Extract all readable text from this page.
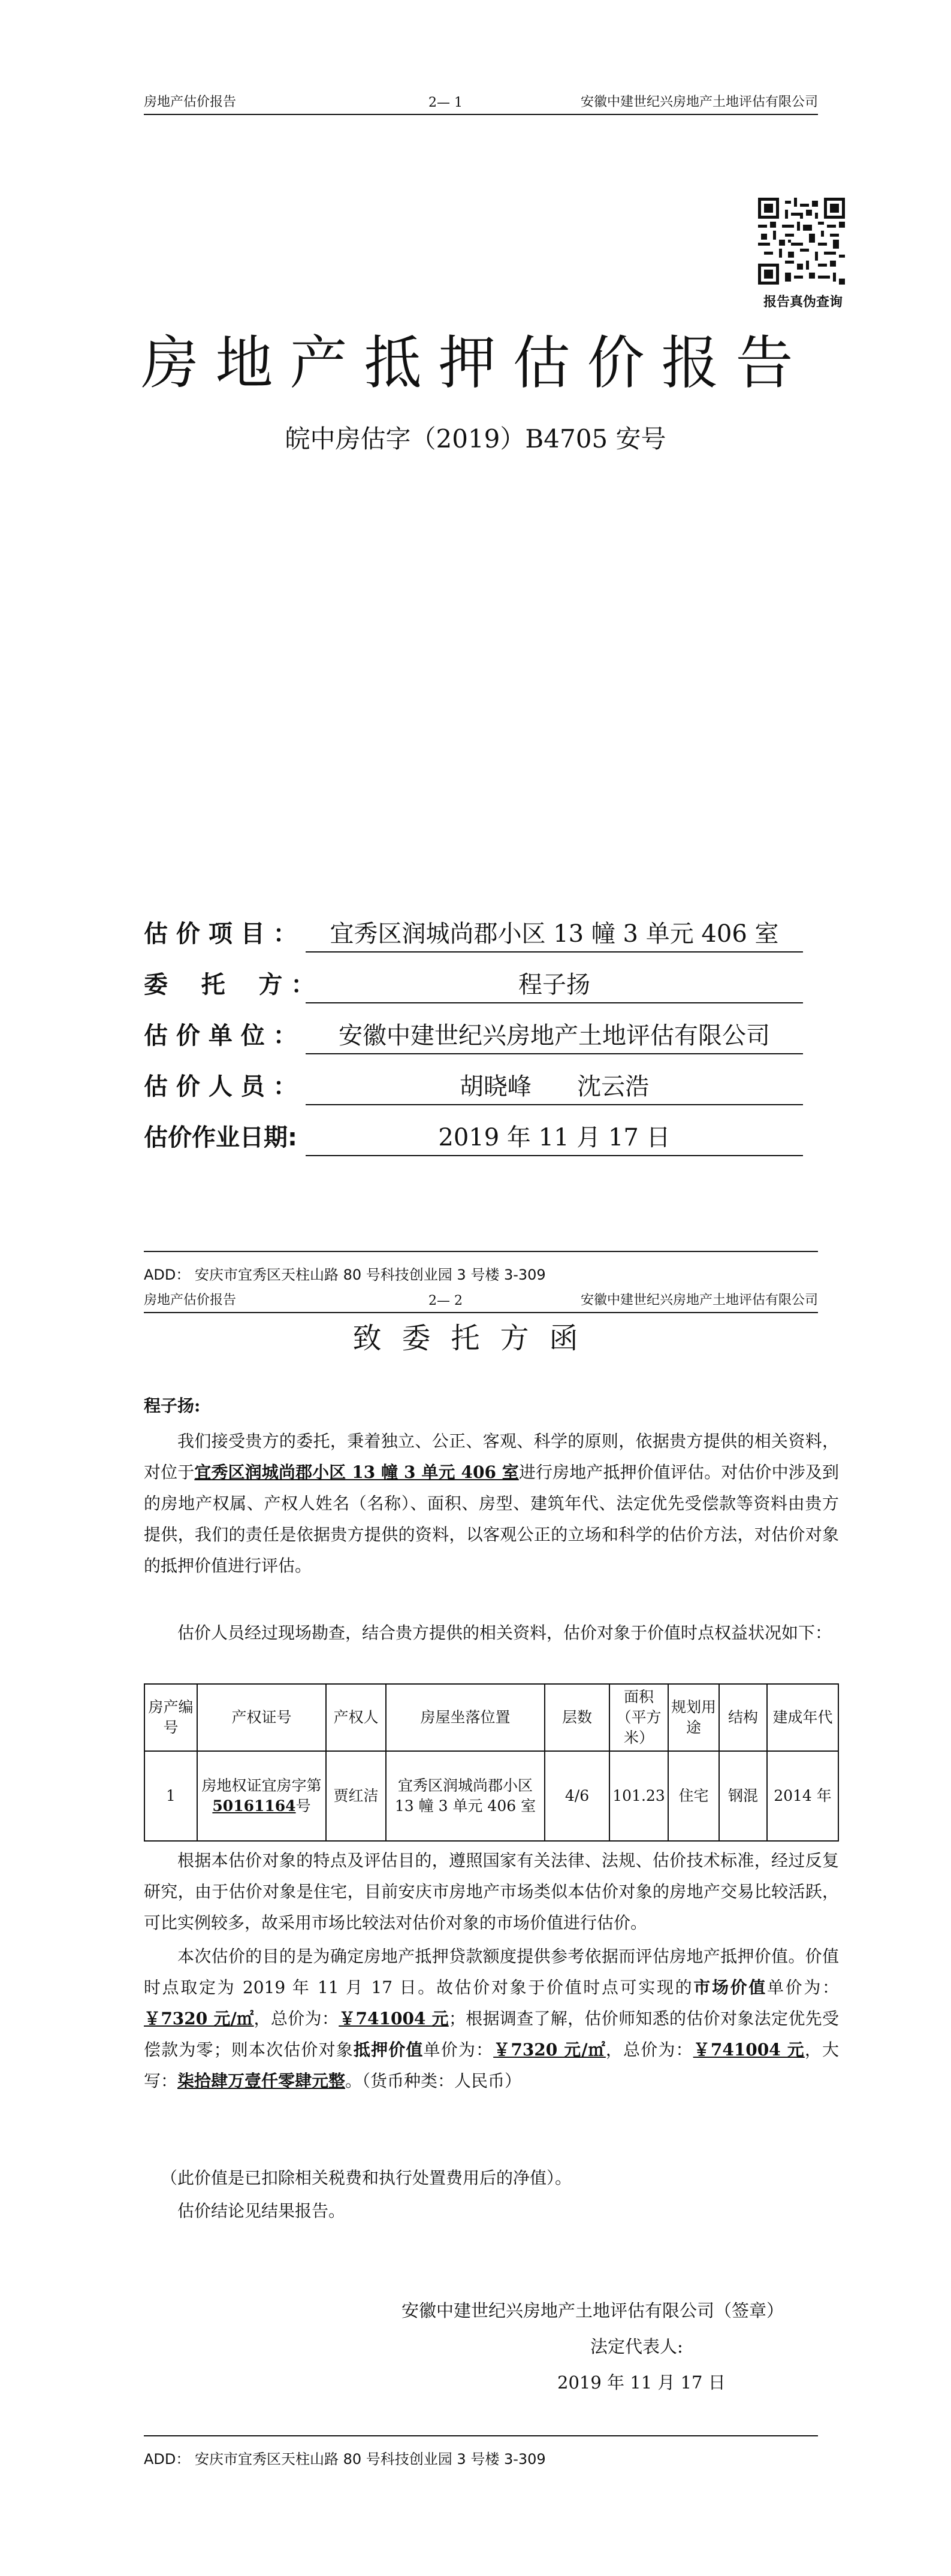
房地产估价报告	2— 1	安徽中建世纪兴房地产土地评估有限公司
报告真伪查询
房地产抵押估价报告
皖中房估字（2019）B4705 安号
估 价 项 目 ：	宜秀区润城尚郡小区 13 幢 3 单元 406 室
委    托    方 ：	程子扬
估 价 单 位 ：	安徽中建世纪兴房地产土地评估有限公司
估 价 人 员 ：	胡晓峰      沈云浩
估价作业日期:	2019 年 11 月 17 日
ADD： 安庆市宜秀区天柱山路 80 号科技创业园 3 号楼 3-309
房地产估价报告	2— 2	安徽中建世纪兴房地产土地评估有限公司
致委托方函
程子扬:
我们接受贵方的委托，秉着独立、公正、客观、科学的原则，依据贵方提供的相关资料，对位于宜秀区润城尚郡小区 13 幢 3 单元 406 室进行房地产抵押价值评估。对估价中涉及到的房地产权属、产权人姓名（名称）、面积、房型、建筑年代、法定优先受偿款等资料由贵方提供，我们的责任是依据贵方提供的资料，以客观公正的立场和科学的估价方法，对估价对象的抵押价值进行评估。
估价人员经过现场勘查，结合贵方提供的相关资料，估价对象于价值时点权益状况如下：
房产编号	产权证号	产权人	房屋坐落位置	层数	面积（平方米）	规划用途	结构	建成年代
1	房地权证宜房字第50161164号	贾红洁	宜秀区润城尚郡小区 13 幢 3 单元 406 室	4/6	101.23	住宅	钢混	2014 年
根据本估价对象的特点及评估目的，遵照国家有关法律、法规、估价技术标准，经过反复研究，由于估价对象是住宅，目前安庆市房地产市场类似本估价对象的房地产交易比较活跃，可比实例较多，故采用市场比较法对估价对象的市场价值进行估价。
本次估价的目的是为确定房地产抵押贷款额度提供参考依据而评估房地产抵押价值。价值时点取定为 2019 年 11 月 17 日。故估价对象于价值时点可实现的市场价值单价为：￥7320 元/㎡，总价为：￥741004 元；根据调查了解，估价师知悉的估价对象法定优先受偿款为零；则本次估价对象抵押价值单价为：￥7320 元/㎡，总价为：￥741004 元，大写：柒拾肆万壹仟零肆元整。（货币种类：人民币）
（此价值是已扣除相关税费和执行处置费用后的净值）。
估价结论见结果报告。
安徽中建世纪兴房地产土地评估有限公司（签章）
法定代表人:
2019 年 11 月 17 日
ADD： 安庆市宜秀区天柱山路 80 号科技创业园 3 号楼 3-309
